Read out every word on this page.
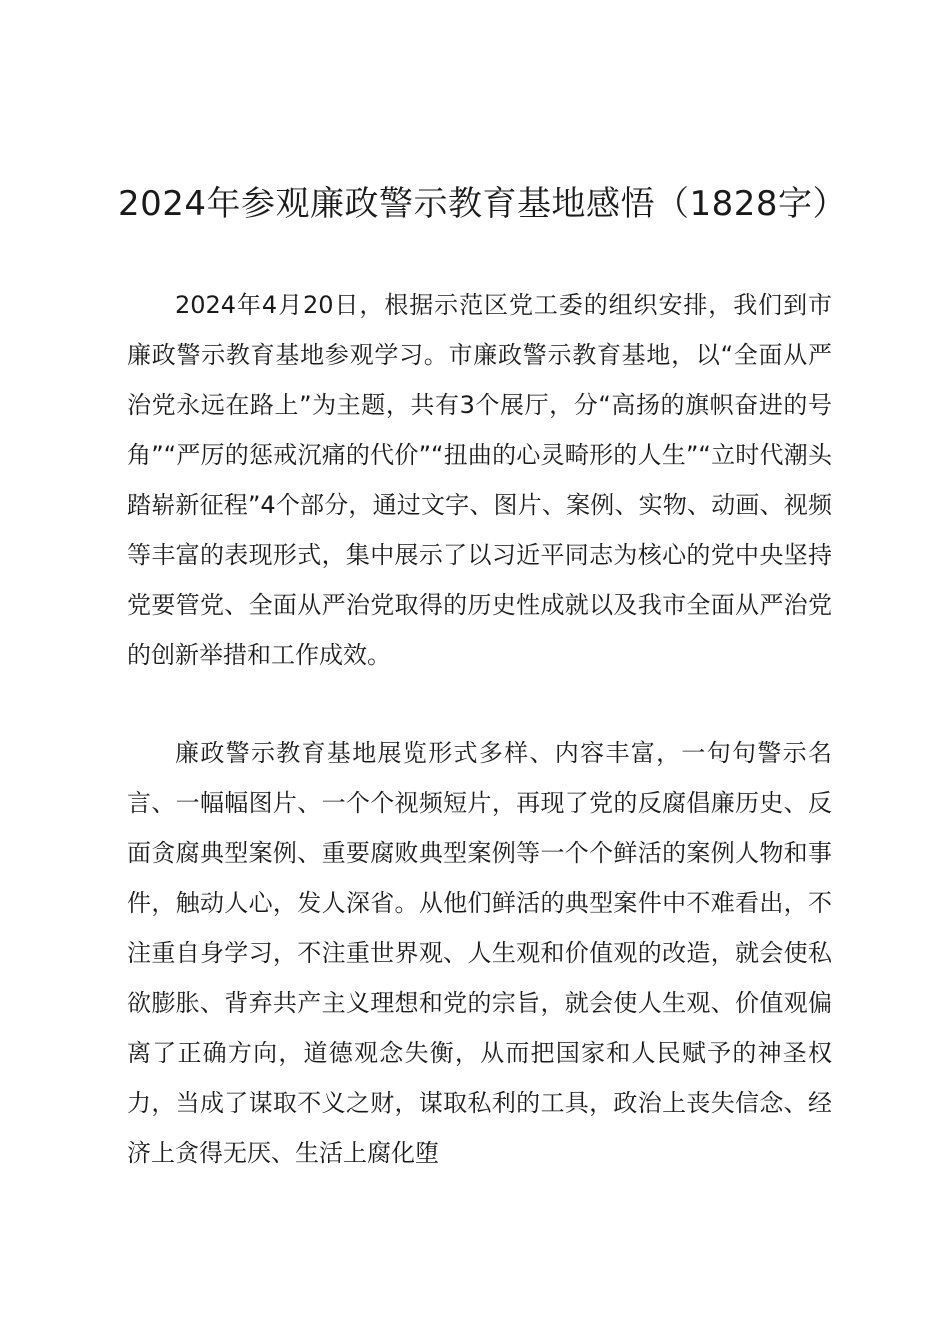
2024年参观廉政警示教育基地感悟（1828字）

2024年4月20日，根据示范区党工委的组织安排，我们到市廉政警示教育基地参观学习。市廉政警示教育基地，以“全面从严治党永远在路上”为主题，共有3个展厅，分“高扬的旗帜奋进的号角”“严厉的惩戒沉痛的代价”“扭曲的心灵畸形的人生”“立时代潮头踏崭新征程”4个部分，通过文字、图片、案例、实物、动画、视频等丰富的表现形式，集中展示了以习近平同志为核心的党中央坚持党要管党、全面从严治党取得的历史性成就以及我市全面从严治党的创新举措和工作成效。

廉政警示教育基地展览形式多样、内容丰富，一句句警示名言、一幅幅图片、一个个视频短片，再现了党的反腐倡廉历史、反面贪腐典型案例、重要腐败典型案例等一个个鲜活的案例人物和事件，触动人心，发人深省。从他们鲜活的典型案件中不难看出，不注重自身学习，不注重世界观、人生观和价值观的改造，就会使私欲膨胀、背弃共产主义理想和党的宗旨，就会使人生观、价值观偏离了正确方向，道德观念失衡，从而把国家和人民赋予的神圣权力，当成了谋取不义之财，谋取私利的工具，政治上丧失信念、经济上贪得无厌、生活上腐化堕
